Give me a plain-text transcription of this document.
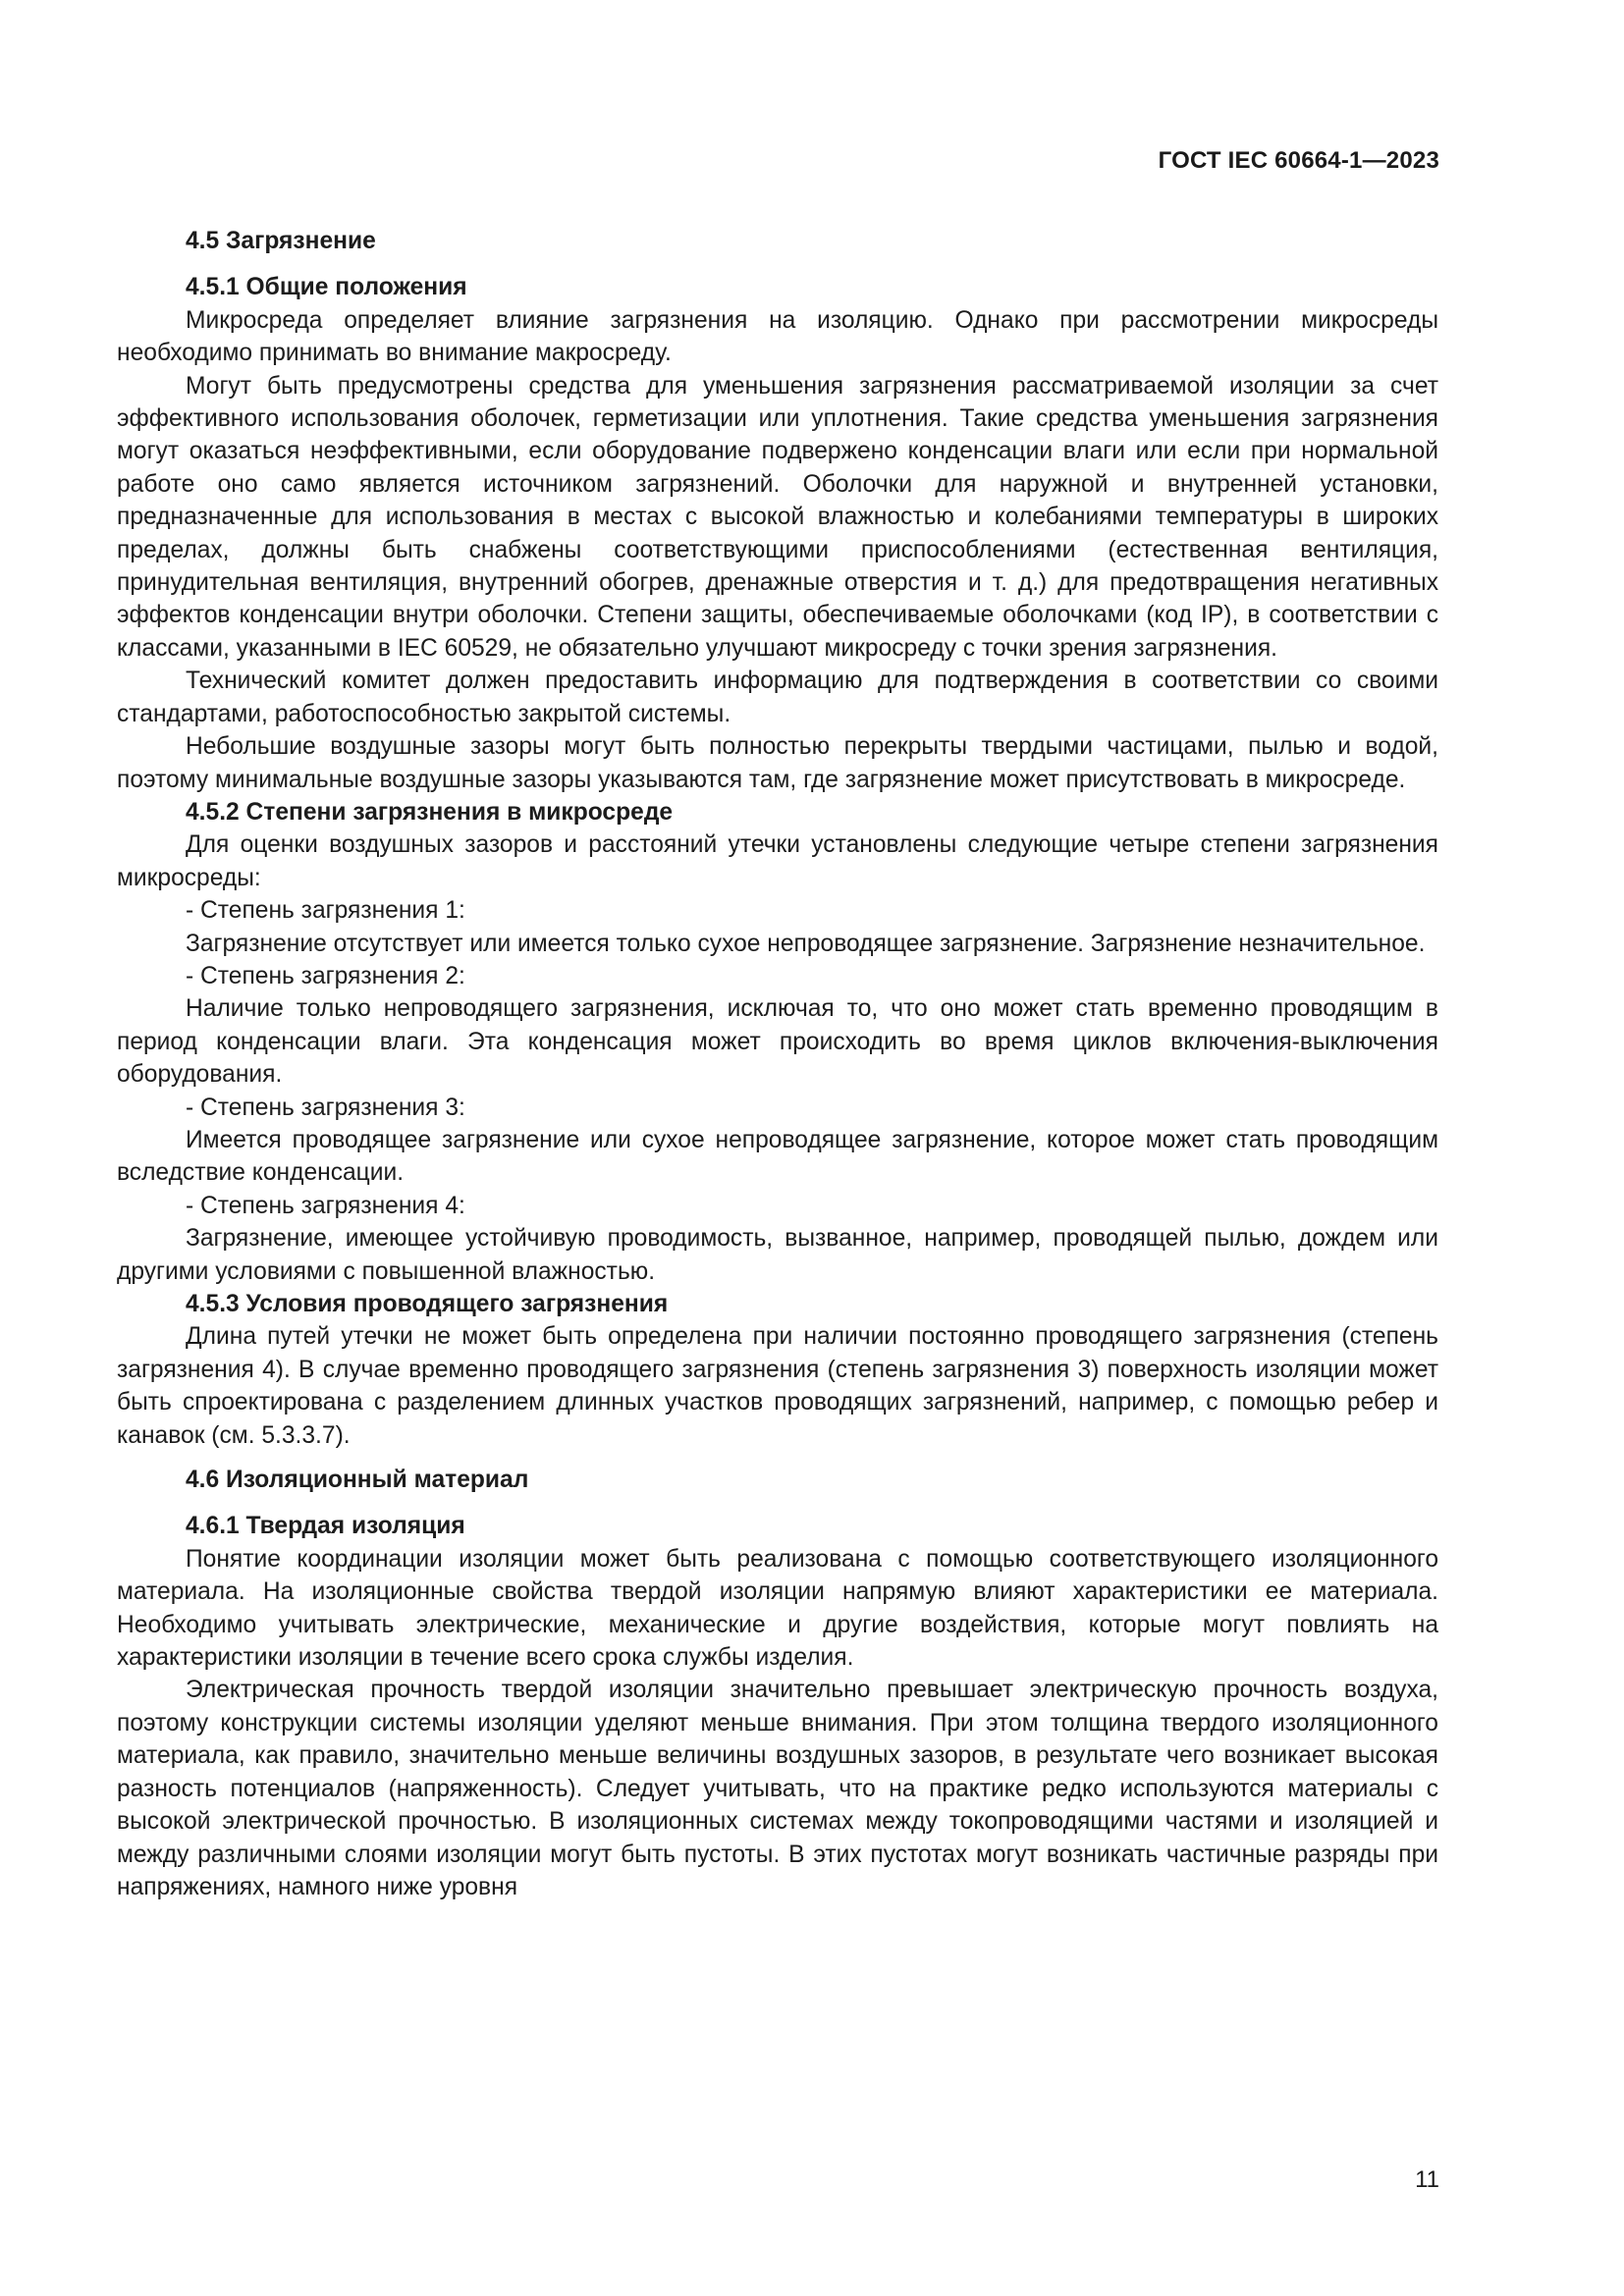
ГОСТ IEC 60664-1—2023

4.5 Загрязнение

4.5.1 Общие положения

Микросреда определяет влияние загрязнения на изоляцию. Однако при рассмотрении микросреды необходимо принимать во внимание макросреду.

Могут быть предусмотрены средства для уменьшения загрязнения рассматриваемой изоляции за счет эффективного использования оболочек, герметизации или уплотнения. Такие средства уменьшения загрязнения могут оказаться неэффективными, если оборудование подвержено конденсации влаги или если при нормальной работе оно само является источником загрязнений. Оболочки для наружной и внутренней установки, предназначенные для использования в местах с высокой влажностью и колебаниями температуры в широких пределах, должны быть снабжены соответствующими приспособлениями (естественная вентиляция, принудительная вентиляция, внутренний обогрев, дренажные отверстия и т. д.) для предотвращения негативных эффектов конденсации внутри оболочки. Степени защиты, обеспечиваемые оболочками (код IP), в соответствии с классами, указанными в IEC 60529, не обязательно улучшают микросреду с точки зрения загрязнения.

Технический комитет должен предоставить информацию для подтверждения в соответствии со своими стандартами, работоспособностью закрытой системы.

Небольшие воздушные зазоры могут быть полностью перекрыты твердыми частицами, пылью и водой, поэтому минимальные воздушные зазоры указываются там, где загрязнение может присутствовать в микросреде.

4.5.2 Степени загрязнения в микросреде

Для оценки воздушных зазоров и расстояний утечки установлены следующие четыре степени загрязнения микросреды:

- Степень загрязнения 1:

Загрязнение отсутствует или имеется только сухое непроводящее загрязнение. Загрязнение незначительное.

- Степень загрязнения 2:

Наличие только непроводящего загрязнения, исключая то, что оно может стать временно проводящим в период конденсации влаги. Эта конденсация может происходить во время циклов включения-выключения оборудования.

- Степень загрязнения 3:

Имеется проводящее загрязнение или сухое непроводящее загрязнение, которое может стать проводящим вследствие конденсации.

- Степень загрязнения 4:

Загрязнение, имеющее устойчивую проводимость, вызванное, например, проводящей пылью, дождем или другими условиями с повышенной влажностью.

4.5.3 Условия проводящего загрязнения

Длина путей утечки не может быть определена при наличии постоянно проводящего загрязнения (степень загрязнения 4). В случае временно проводящего загрязнения (степень загрязнения 3) поверхность изоляции может быть спроектирована с разделением длинных участков проводящих загрязнений, например, с помощью ребер и канавок (см. 5.3.3.7).

4.6 Изоляционный материал

4.6.1 Твердая изоляция

Понятие координации изоляции может быть реализована с помощью соответствующего изоляционного материала. На изоляционные свойства твердой изоляции напрямую влияют характеристики ее материала. Необходимо учитывать электрические, механические и другие воздействия, которые могут повлиять на характеристики изоляции в течение всего срока службы изделия.

Электрическая прочность твердой изоляции значительно превышает электрическую прочность воздуха, поэтому конструкции системы изоляции уделяют меньше внимания. При этом толщина твердого изоляционного материала, как правило, значительно меньше величины воздушных зазоров, в результате чего возникает высокая разность потенциалов (напряженность). Следует учитывать, что на практике редко используются материалы с высокой электрической прочностью. В изоляционных системах между токопроводящими частями и изоляцией и между различными слоями изоляции могут быть пустоты. В этих пустотах могут возникать частичные разряды при напряжениях, намного ниже уровня

11
